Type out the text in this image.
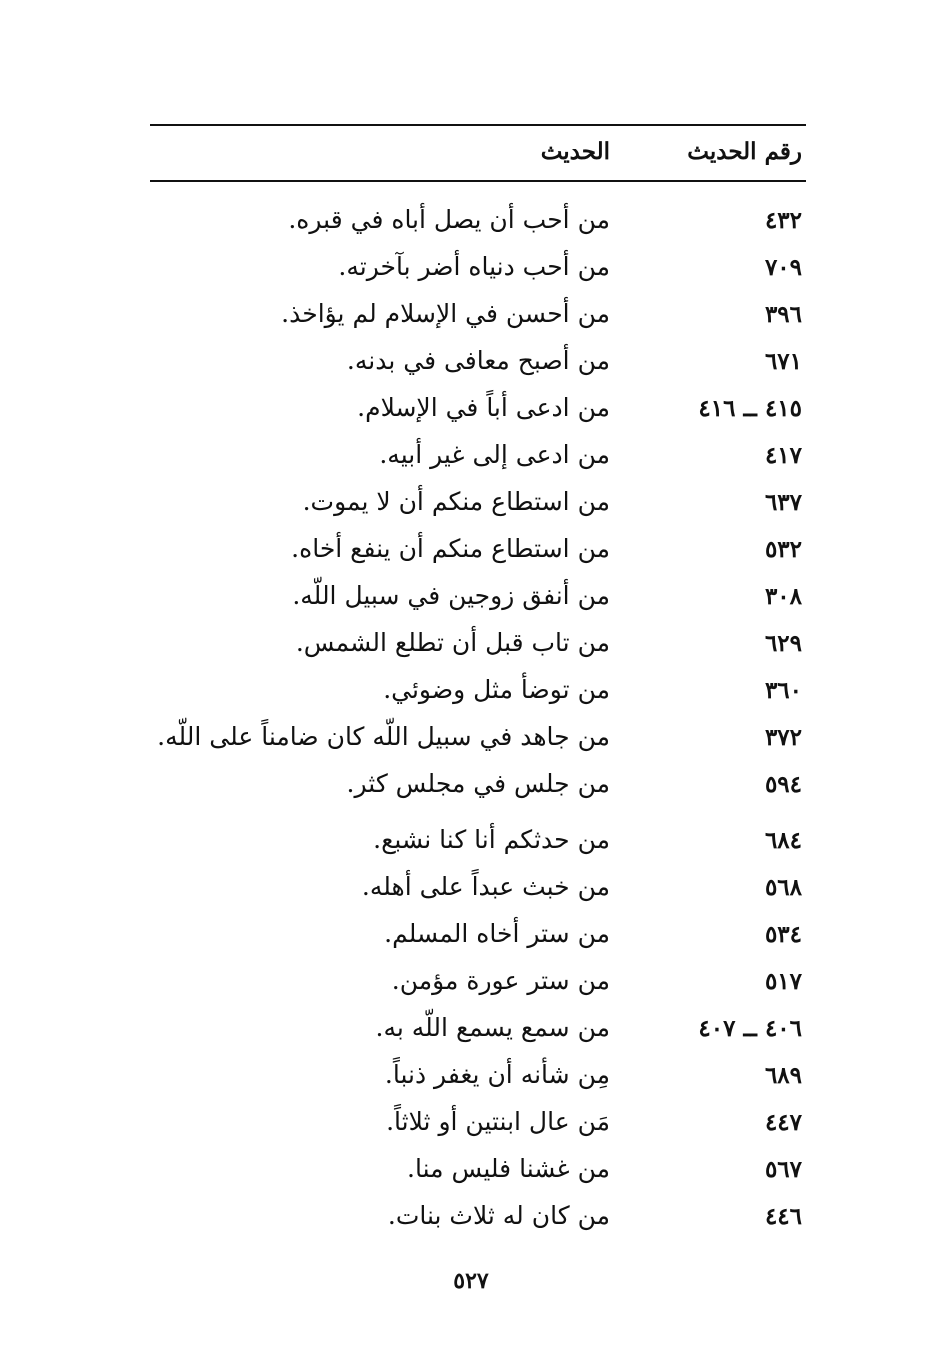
رقم الحديث
الحديث
٤٣٢
من أحب أن يصل أباه في قبره.
٧٠٩
من أحب دنياه أضر بآخرته.
٣٩٦
من أحسن في الإسلام لم يؤاخذ.
٦٧١
من أصبح معافى في بدنه.
٤١٥ ــ ٤١٦
من ادعى أباً في الإسلام.
٤١٧
من ادعى إلى غير أبيه.
٦٣٧
من استطاع منكم أن لا يموت.
٥٣٢
من استطاع منكم أن ينفع أخاه.
٣٠٨
من أنفق زوجين في سبيل اللّه.
٦٢٩
من تاب قبل أن تطلع الشمس.
٣٦٠
من توضأ مثل وضوئي.
٣٧٢
من جاهد في سبيل اللّه كان ضامناً على اللّه.
٥٩٤
من جلس في مجلس كثر.
٦٨٤
من حدثكم أنا كنا نشبع.
٥٦٨
من خبث عبداً على أهله.
٥٣٤
من ستر أخاه المسلم.
٥١٧
من ستر عورة مؤمن.
٤٠٦ ــ ٤٠٧
من سمع يسمع اللّه به.
٦٨٩
مِن شأنه أن يغفر ذنباً.
٤٤٧
مَن عال ابنتين أو ثلاثاً.
٥٦٧
من غشنا فليس منا.
٤٤٦
من كان له ثلاث بنات.
٥٢٧
